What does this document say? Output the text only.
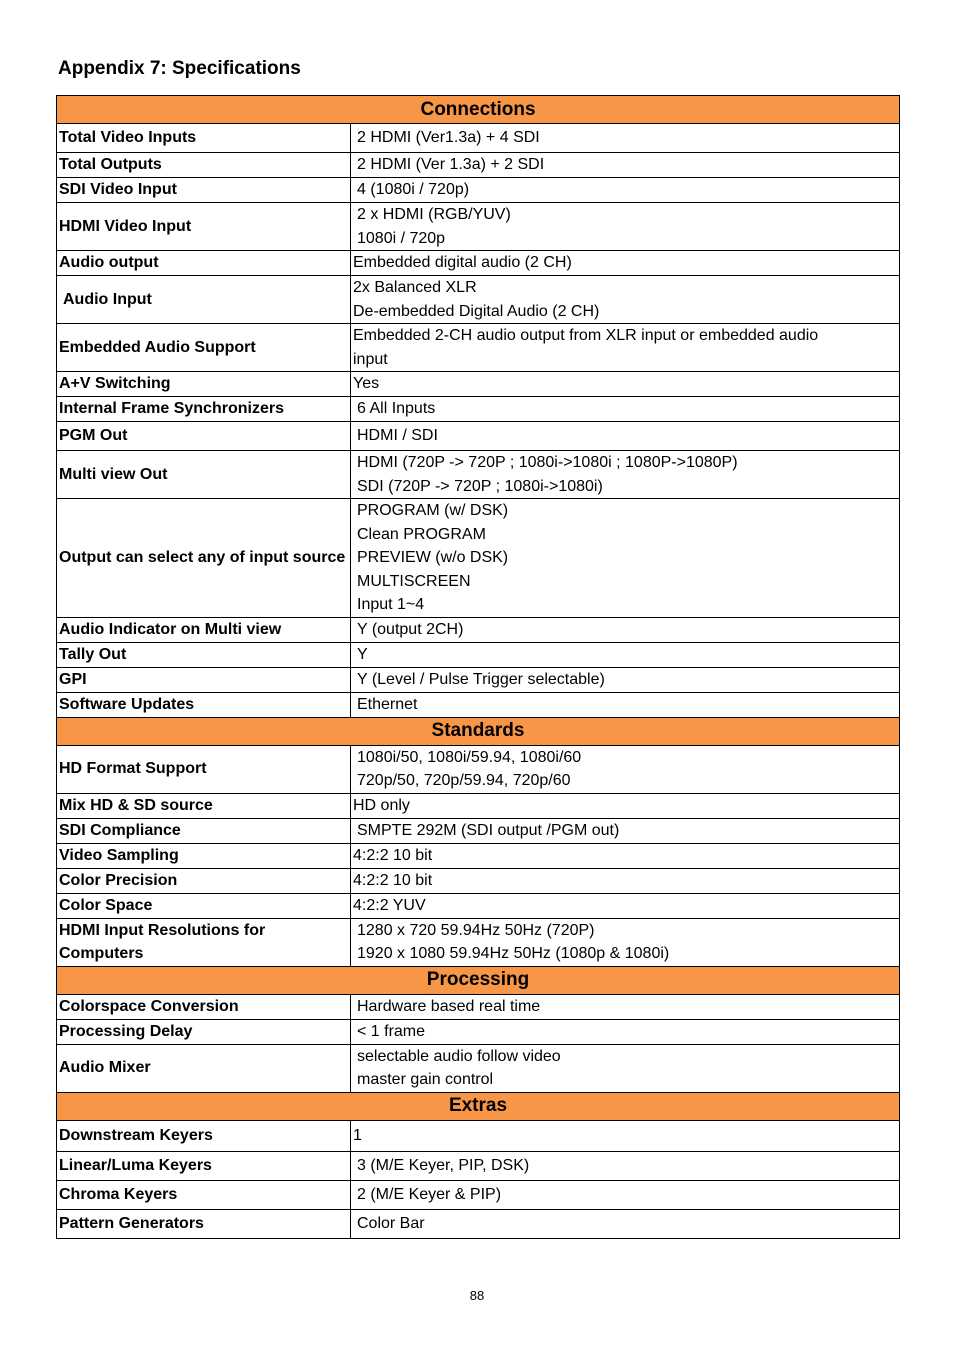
Appendix 7: Specifications
Connections	
Total Video Inputs	2 HDMI (Ver1.3a) + 4 SDI

Total Outputs	2 HDMI (Ver 1.3a) + 2 SDI

SDI Video Input	4 (1080i / 720p)

HDMI Video Input	2 x HDMI (RGB/YUV)
1080i / 720p

Audio output	Embedded digital audio (2 CH)

Audio Input	2x Balanced XLR
De-embedded Digital Audio (2 CH)

Embedded Audio Support	Embedded 2-CH audio output from XLR input or embedded audio
input

A+V Switching	Yes

Internal Frame Synchronizers	6 All Inputs

PGM Out	HDMI / SDI

Multi view Out	HDMI (720P -> 720P ; 1080i->1080i ; 1080P->1080P)
SDI (720P -> 720P ; 1080i->1080i)

Output can select any of input source	PROGRAM (w/ DSK)
Clean PROGRAM
PREVIEW (w/o DSK)
MULTISCREEN
Input 1~4

Audio Indicator on Multi view	Y (output 2CH)

Tally Out	Y

GPI	Y (Level / Pulse Trigger selectable)

Software Updates	Ethernet

Standards	
HD Format Support	1080i/50, 1080i/59.94, 1080i/60
720p/50, 720p/59.94, 720p/60

Mix HD & SD source	HD only

SDI Compliance	SMPTE 292M (SDI output /PGM out)

Video Sampling	4:2:2 10 bit

Color Precision	4:2:2 10 bit

Color Space	4:2:2 YUV

HDMI Input Resolutions for Computers	1280 x 720 59.94Hz 50Hz (720P)
1920 x 1080 59.94Hz 50Hz (1080p & 1080i)

Processing	
Colorspace Conversion	Hardware based real time

Processing Delay	< 1 frame

Audio Mixer	selectable audio follow video
master gain control

Extras	
Downstream Keyers	1

Linear/Luma Keyers	3 (M/E Keyer, PIP, DSK)

Chroma Keyers	2 (M/E Keyer & PIP)

Pattern Generators	Color Bar
88
